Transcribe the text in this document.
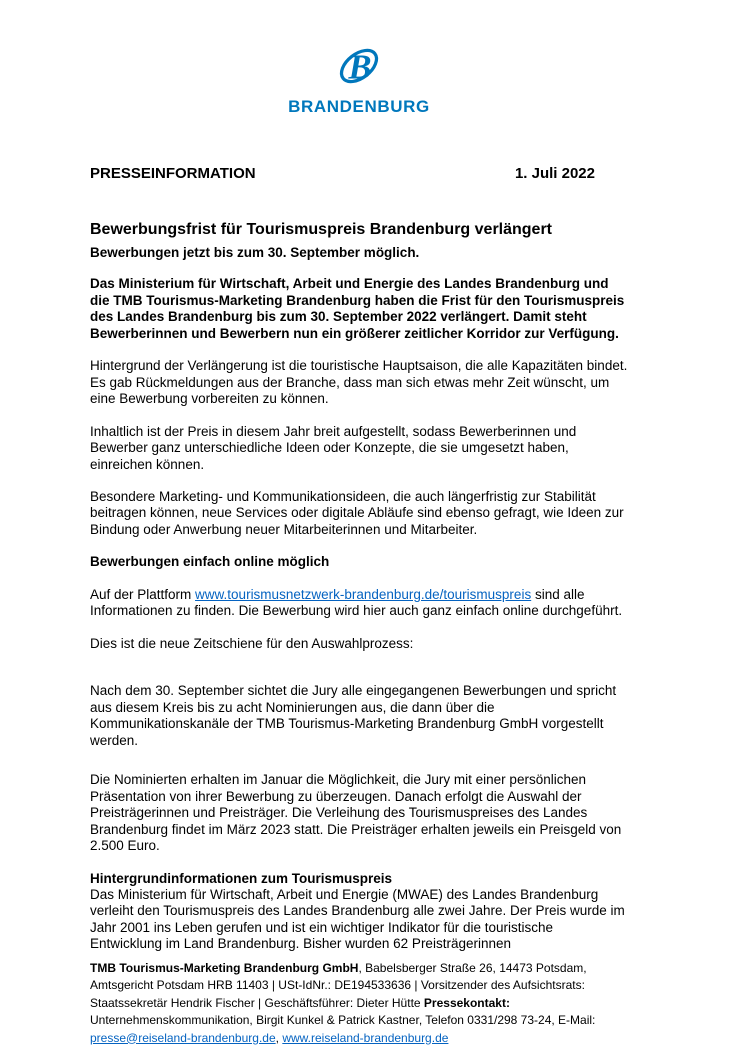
B
BRANDENBURG
PRESSEINFORMATION	1. Juli 2022
Bewerbungsfrist für Tourismuspreis Brandenburg verlängert
Bewerbungen jetzt bis zum 30. September möglich.

Das Ministerium für Wirtschaft, Arbeit und Energie des Landes Brandenburg und die TMB Tourismus-Marketing Brandenburg haben die Frist für den Tourismuspreis des Landes Brandenburg bis zum 30. September 2022 verlängert. Damit steht Bewerberinnen und Bewerbern nun ein größerer zeitlicher Korridor zur Verfügung.

Hintergrund der Verlängerung ist die touristische Hauptsaison, die alle Kapazitäten bindet. Es gab Rückmeldungen aus der Branche, dass man sich etwas mehr Zeit wünscht, um eine Bewerbung vorbereiten zu können.

Inhaltlich ist der Preis in diesem Jahr breit aufgestellt, sodass Bewerberinnen und Bewerber ganz unterschiedliche Ideen oder Konzepte, die sie umgesetzt haben, einreichen können.

Besondere Marketing- und Kommunikationsideen, die auch längerfristig zur Stabilität beitragen können, neue Services oder digitale Abläufe sind ebenso gefragt, wie Ideen zur Bindung oder Anwerbung neuer Mitarbeiterinnen und Mitarbeiter.

Bewerbungen einfach online möglich

Auf der Plattform www.tourismusnetzwerk-brandenburg.de/tourismuspreis sind alle Informationen zu finden. Die Bewerbung wird hier auch ganz einfach online durchgeführt.

Dies ist die neue Zeitschiene für den Auswahlprozess:

Nach dem 30. September sichtet die Jury alle eingegangenen Bewerbungen und spricht aus diesem Kreis bis zu acht Nominierungen aus, die dann über die Kommunikationskanäle der TMB Tourismus-Marketing Brandenburg GmbH vorgestellt werden.

Die Nominierten erhalten im Januar die Möglichkeit, die Jury mit einer persönlichen Präsentation von ihrer Bewerbung zu überzeugen. Danach erfolgt die Auswahl der Preisträgerinnen und Preisträger. Die Verleihung des Tourismuspreises des Landes Brandenburg findet im März 2023 statt. Die Preisträger erhalten jeweils ein Preisgeld von 2.500 Euro.

Hintergrundinformationen zum Tourismuspreis

Das Ministerium für Wirtschaft, Arbeit und Energie (MWAE) des Landes Brandenburg verleiht den Tourismuspreis des Landes Brandenburg alle zwei Jahre. Der Preis wurde im Jahr 2001 ins Leben gerufen und ist ein wichtiger Indikator für die touristische Entwicklung im Land Brandenburg. Bisher wurden 62 Preisträgerinnen

TMB Tourismus-Marketing Brandenburg GmbH, Babelsberger Straße 26, 14473 Potsdam, Amtsgericht Potsdam HRB 11403 | USt-IdNr.: DE194533636 | Vorsitzender des Aufsichtsrats: Staatssekretär Hendrik Fischer | Geschäftsführer: Dieter Hütte Pressekontakt: Unternehmenskommunikation, Birgit Kunkel & Patrick Kastner, Telefon 0331/298 73-24, E-Mail: presse@reiseland-brandenburg.de, www.reiseland-brandenburg.de
